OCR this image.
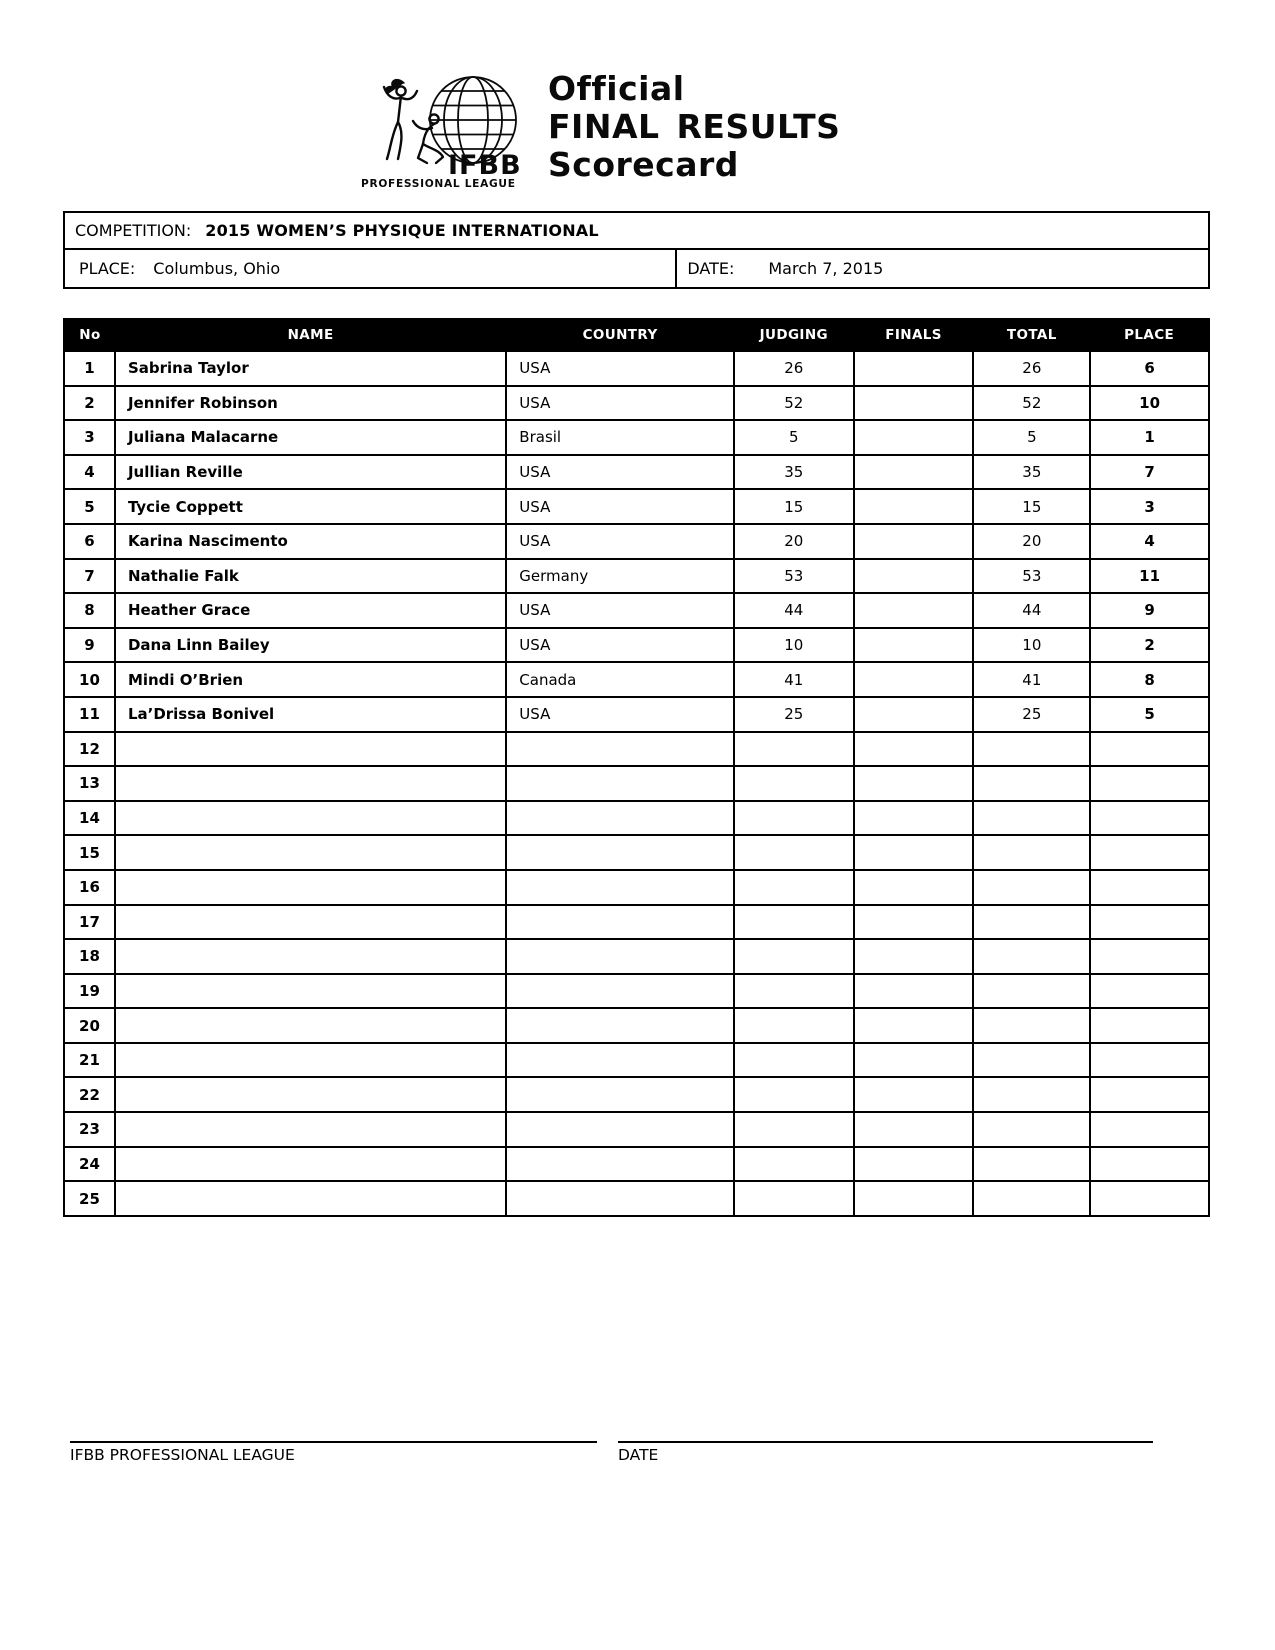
IFBB
PROFESSIONAL LEAGUE
Official
FINAL RESULTS
Scorecard
COMPETITION: 2015 WOMEN’S PHYSIQUE INTERNATIONAL
PLACE: Columbus, Ohio	DATE: March 7, 2015
No	NAME	COUNTRY	JUDGING	FINALS	TOTAL	PLACE
1	Sabrina Taylor	USA	26		26	6
2	Jennifer Robinson	USA	52		52	10
3	Juliana Malacarne	Brasil	5		5	1
4	Jullian Reville	USA	35		35	7
5	Tycie Coppett	USA	15		15	3
6	Karina Nascimento	USA	20		20	4
7	Nathalie Falk	Germany	53		53	11
8	Heather Grace	USA	44		44	9
9	Dana Linn Bailey	USA	10		10	2
10	Mindi O’Brien	Canada	41		41	8
11	La’Drissa Bonivel	USA	25		25	5
12						
13						
14						
15						
16						
17						
18						
19						
20						
21						
22						
23						
24						
25						
IFBB PROFESSIONAL LEAGUE	DATE
